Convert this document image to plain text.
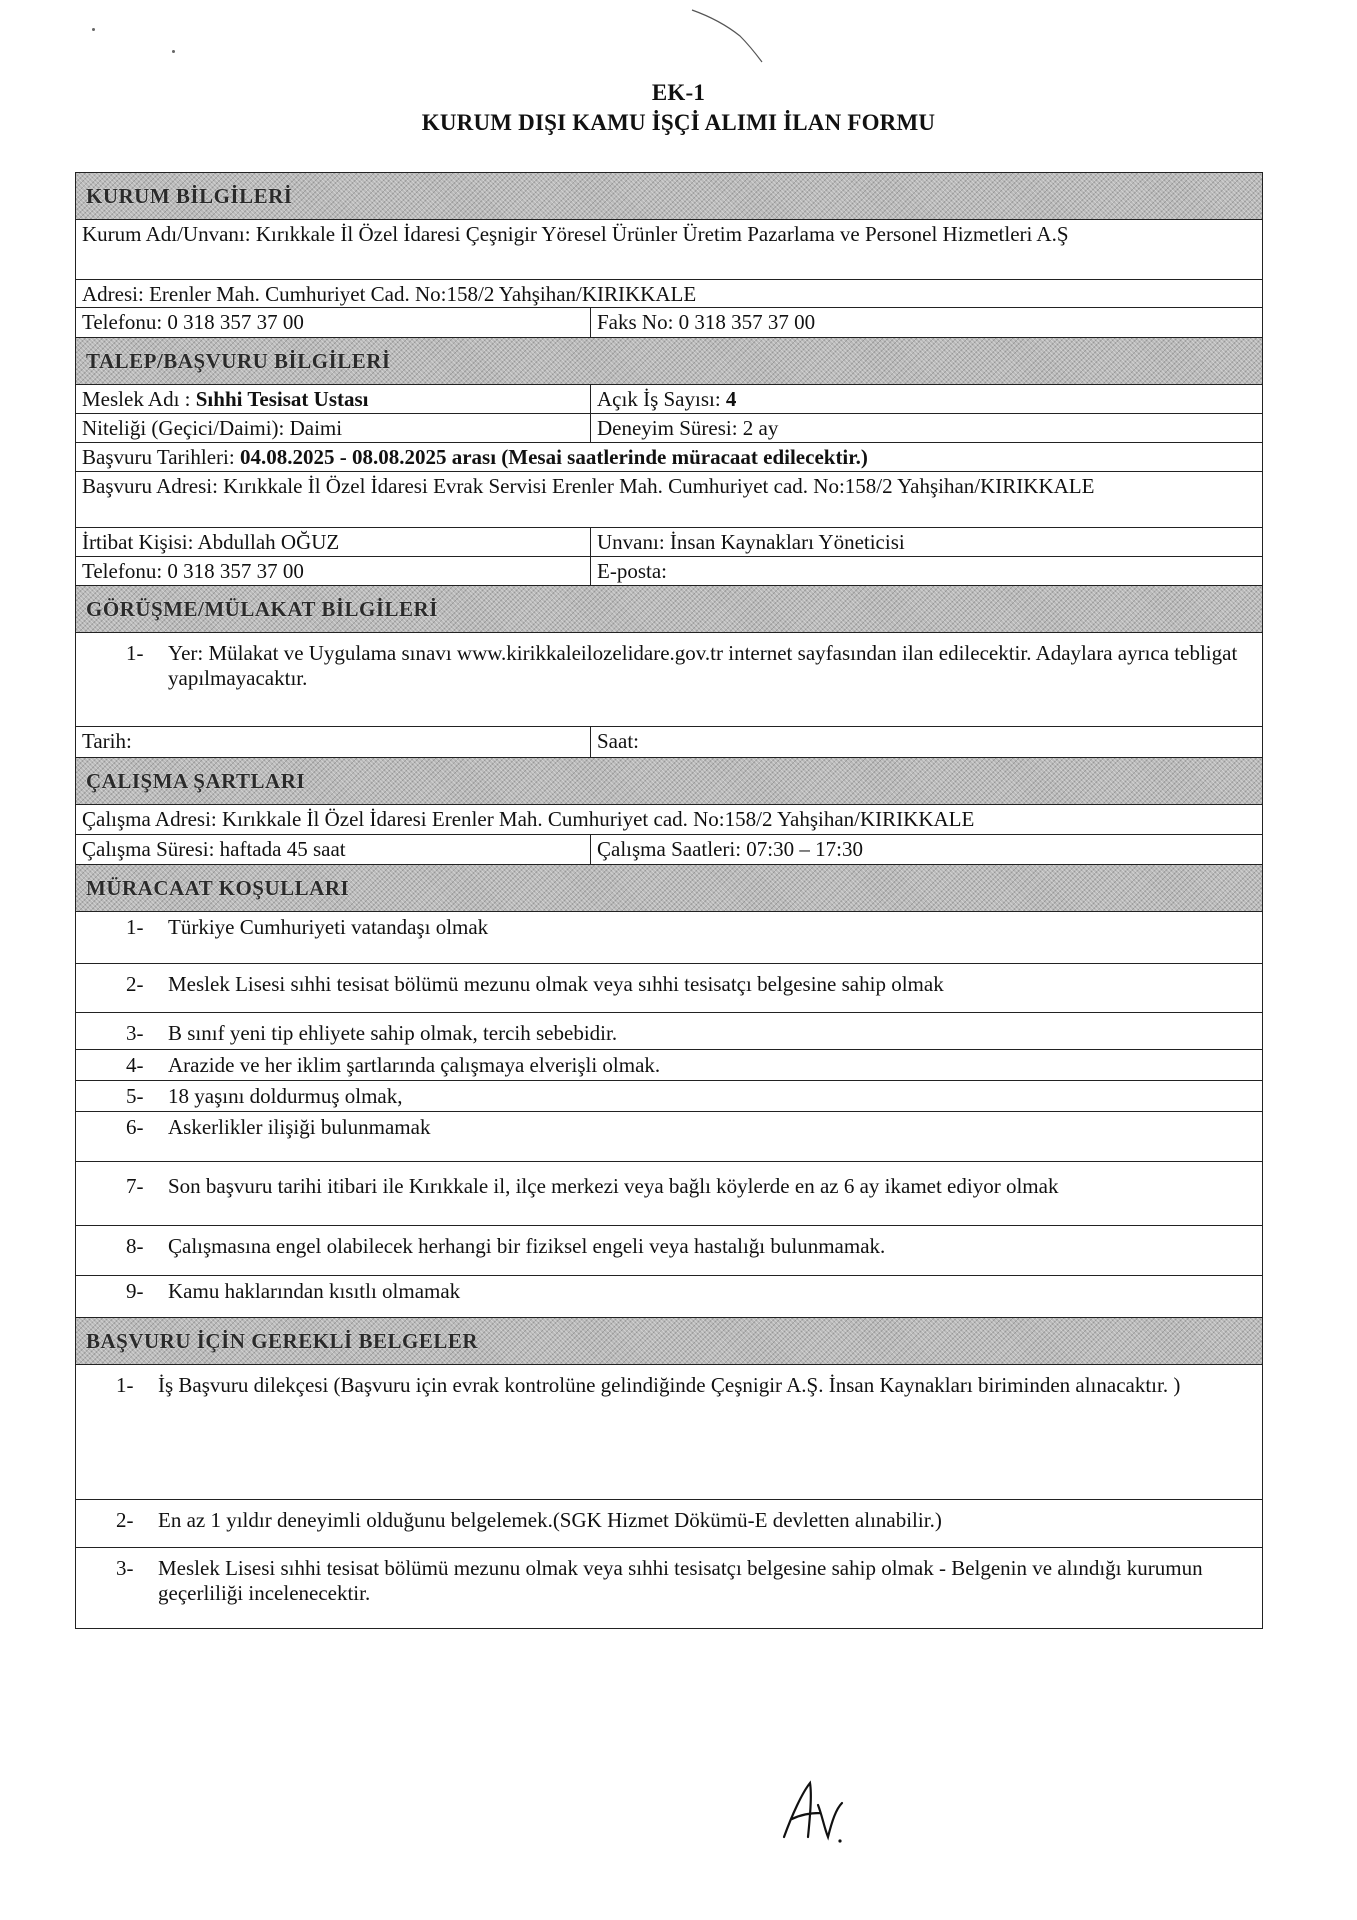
EK-1
KURUM DIŞI KAMU İŞÇİ ALIMI İLAN FORMU
KURUM BİLGİLERİ
Kurum Adı/Unvanı: Kırıkkale İl Özel İdaresi Çeşnigir Yöresel Ürünler Üretim Pazarlama ve Personel Hizmetleri A.Ş
Adresi: Erenler Mah. Cumhuriyet Cad. No:158/2 Yahşihan/KIRIKKALE
Telefonu: 0 318 357 37 00	Faks No: 0 318 357 37 00
TALEP/BAŞVURU BİLGİLERİ
Meslek Adı : Sıhhi Tesisat Ustası	Açık İş Sayısı: 4
Niteliği (Geçici/Daimi): Daimi	Deneyim Süresi: 2 ay
Başvuru Tarihleri: 04.08.2025 - 08.08.2025 arası (Mesai saatlerinde müracaat edilecektir.)
Başvuru Adresi: Kırıkkale İl Özel İdaresi Evrak Servisi Erenler Mah. Cumhuriyet cad. No:158/2 Yahşihan/KIRIKKALE
İrtibat Kişisi: Abdullah OĞUZ	Unvanı: İnsan Kaynakları Yöneticisi
Telefonu: 0 318 357 37 00	E-posta:
GÖRÜŞME/MÜLAKAT BİLGİLERİ
1-	Yer: Mülakat ve Uygulama sınavı www.kirikkaleilozelidare.gov.tr internet sayfasından ilan edilecektir. Adaylara ayrıca tebligat yapılmayacaktır.
Tarih:	Saat:
ÇALIŞMA ŞARTLARI
Çalışma Adresi: Kırıkkale İl Özel İdaresi Erenler Mah. Cumhuriyet cad. No:158/2 Yahşihan/KIRIKKALE
Çalışma Süresi: haftada 45 saat	Çalışma Saatleri: 07:30 – 17:30
MÜRACAAT KOŞULLARI
1-	Türkiye Cumhuriyeti vatandaşı olmak
2-	Meslek Lisesi sıhhi tesisat bölümü mezunu olmak veya sıhhi tesisatçı belgesine sahip olmak
3-	B sınıf yeni tip ehliyete sahip olmak, tercih sebebidir.
4-	Arazide ve her iklim şartlarında çalışmaya elverişli olmak.
5-	18 yaşını doldurmuş olmak,
6-	Askerlikler ilişiği bulunmamak
7-	Son başvuru tarihi itibari ile Kırıkkale il, ilçe merkezi veya bağlı köylerde en az 6 ay ikamet ediyor olmak
8-	Çalışmasına engel olabilecek herhangi bir fiziksel engeli veya hastalığı bulunmamak.
9-	Kamu haklarından kısıtlı olmamak
BAŞVURU İÇİN GEREKLİ BELGELER
1-	İş Başvuru dilekçesi (Başvuru için evrak kontrolüne gelindiğinde Çeşnigir A.Ş. İnsan Kaynakları biriminden alınacaktır. )
2-	En az 1 yıldır deneyimli olduğunu belgelemek.(SGK Hizmet Dökümü-E devletten alınabilir.)
3-	Meslek Lisesi sıhhi tesisat bölümü mezunu olmak veya sıhhi tesisatçı belgesine sahip olmak - Belgenin ve alındığı kurumun geçerliliği incelenecektir.
